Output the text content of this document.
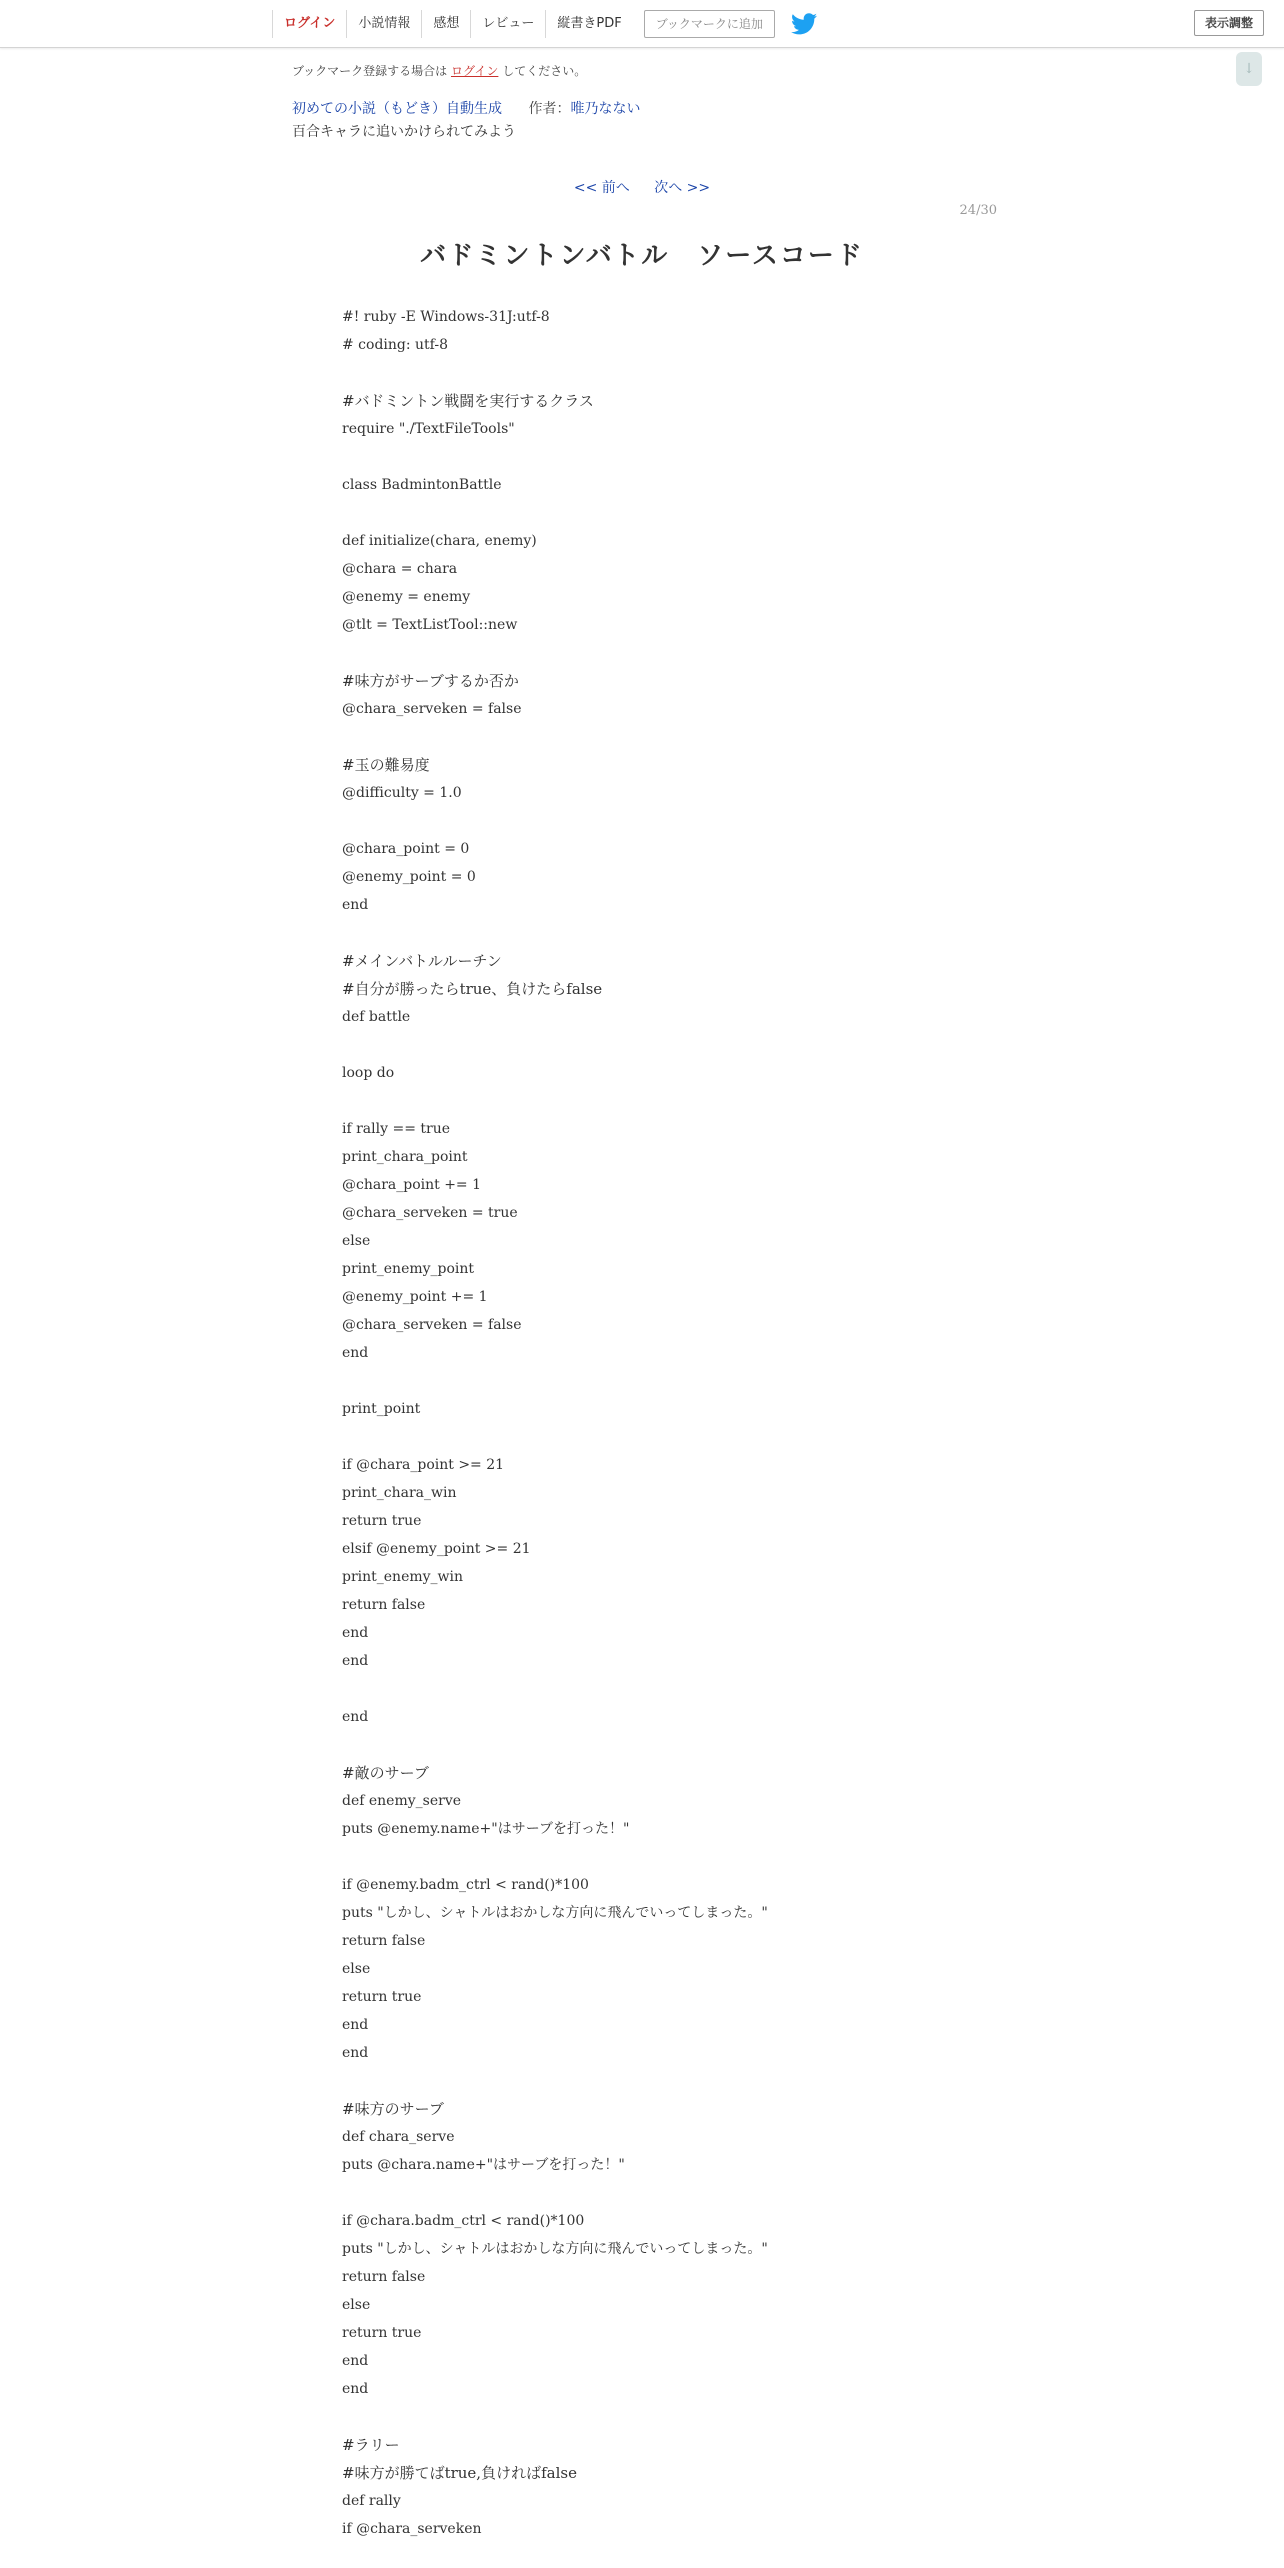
ログイン	小説情報	感想	レビュー	縦書きPDF	ブックマークに追加	表示調整
↓
ブックマーク登録する場合は ログイン してください。
初めての小説（もどき）自動生成 作者：唯乃なない
百合キャラに追いかけられてみよう
<< 前へ 次へ >>
24/30
バドミントンバトル　ソースコード
#! ruby -E Windows-31J:utf-8
# coding: utf-8
#バドミントン戦闘を実行するクラス
require "./TextFileTools"
class BadmintonBattle
def initialize(chara, enemy)
@chara = chara
@enemy = enemy
@tlt = TextListTool::new
#味方がサーブするか否か
@chara_serveken = false
#玉の難易度
@difficulty = 1.0
@chara_point = 0
@enemy_point = 0
end
#メインバトルルーチン
#自分が勝ったらtrue、負けたらfalse
def battle
loop do
if rally == true
print_chara_point
@chara_point += 1
@chara_serveken = true
else
print_enemy_point
@enemy_point += 1
@chara_serveken = false
end
print_point
if @chara_point >= 21
print_chara_win
return true
elsif @enemy_point >= 21
print_enemy_win
return false
end
end
end
#敵のサーブ
def enemy_serve
puts @enemy.name+"はサーブを打った！"
if @enemy.badm_ctrl < rand()*100
puts "しかし、シャトルはおかしな方向に飛んでいってしまった。"
return false
else
return true
end
end
#味方のサーブ
def chara_serve
puts @chara.name+"はサーブを打った！"
if @chara.badm_ctrl < rand()*100
puts "しかし、シャトルはおかしな方向に飛んでいってしまった。"
return false
else
return true
end
end
#ラリー
#味方が勝てばtrue,負ければfalse
def rally
if @chara_serveken
